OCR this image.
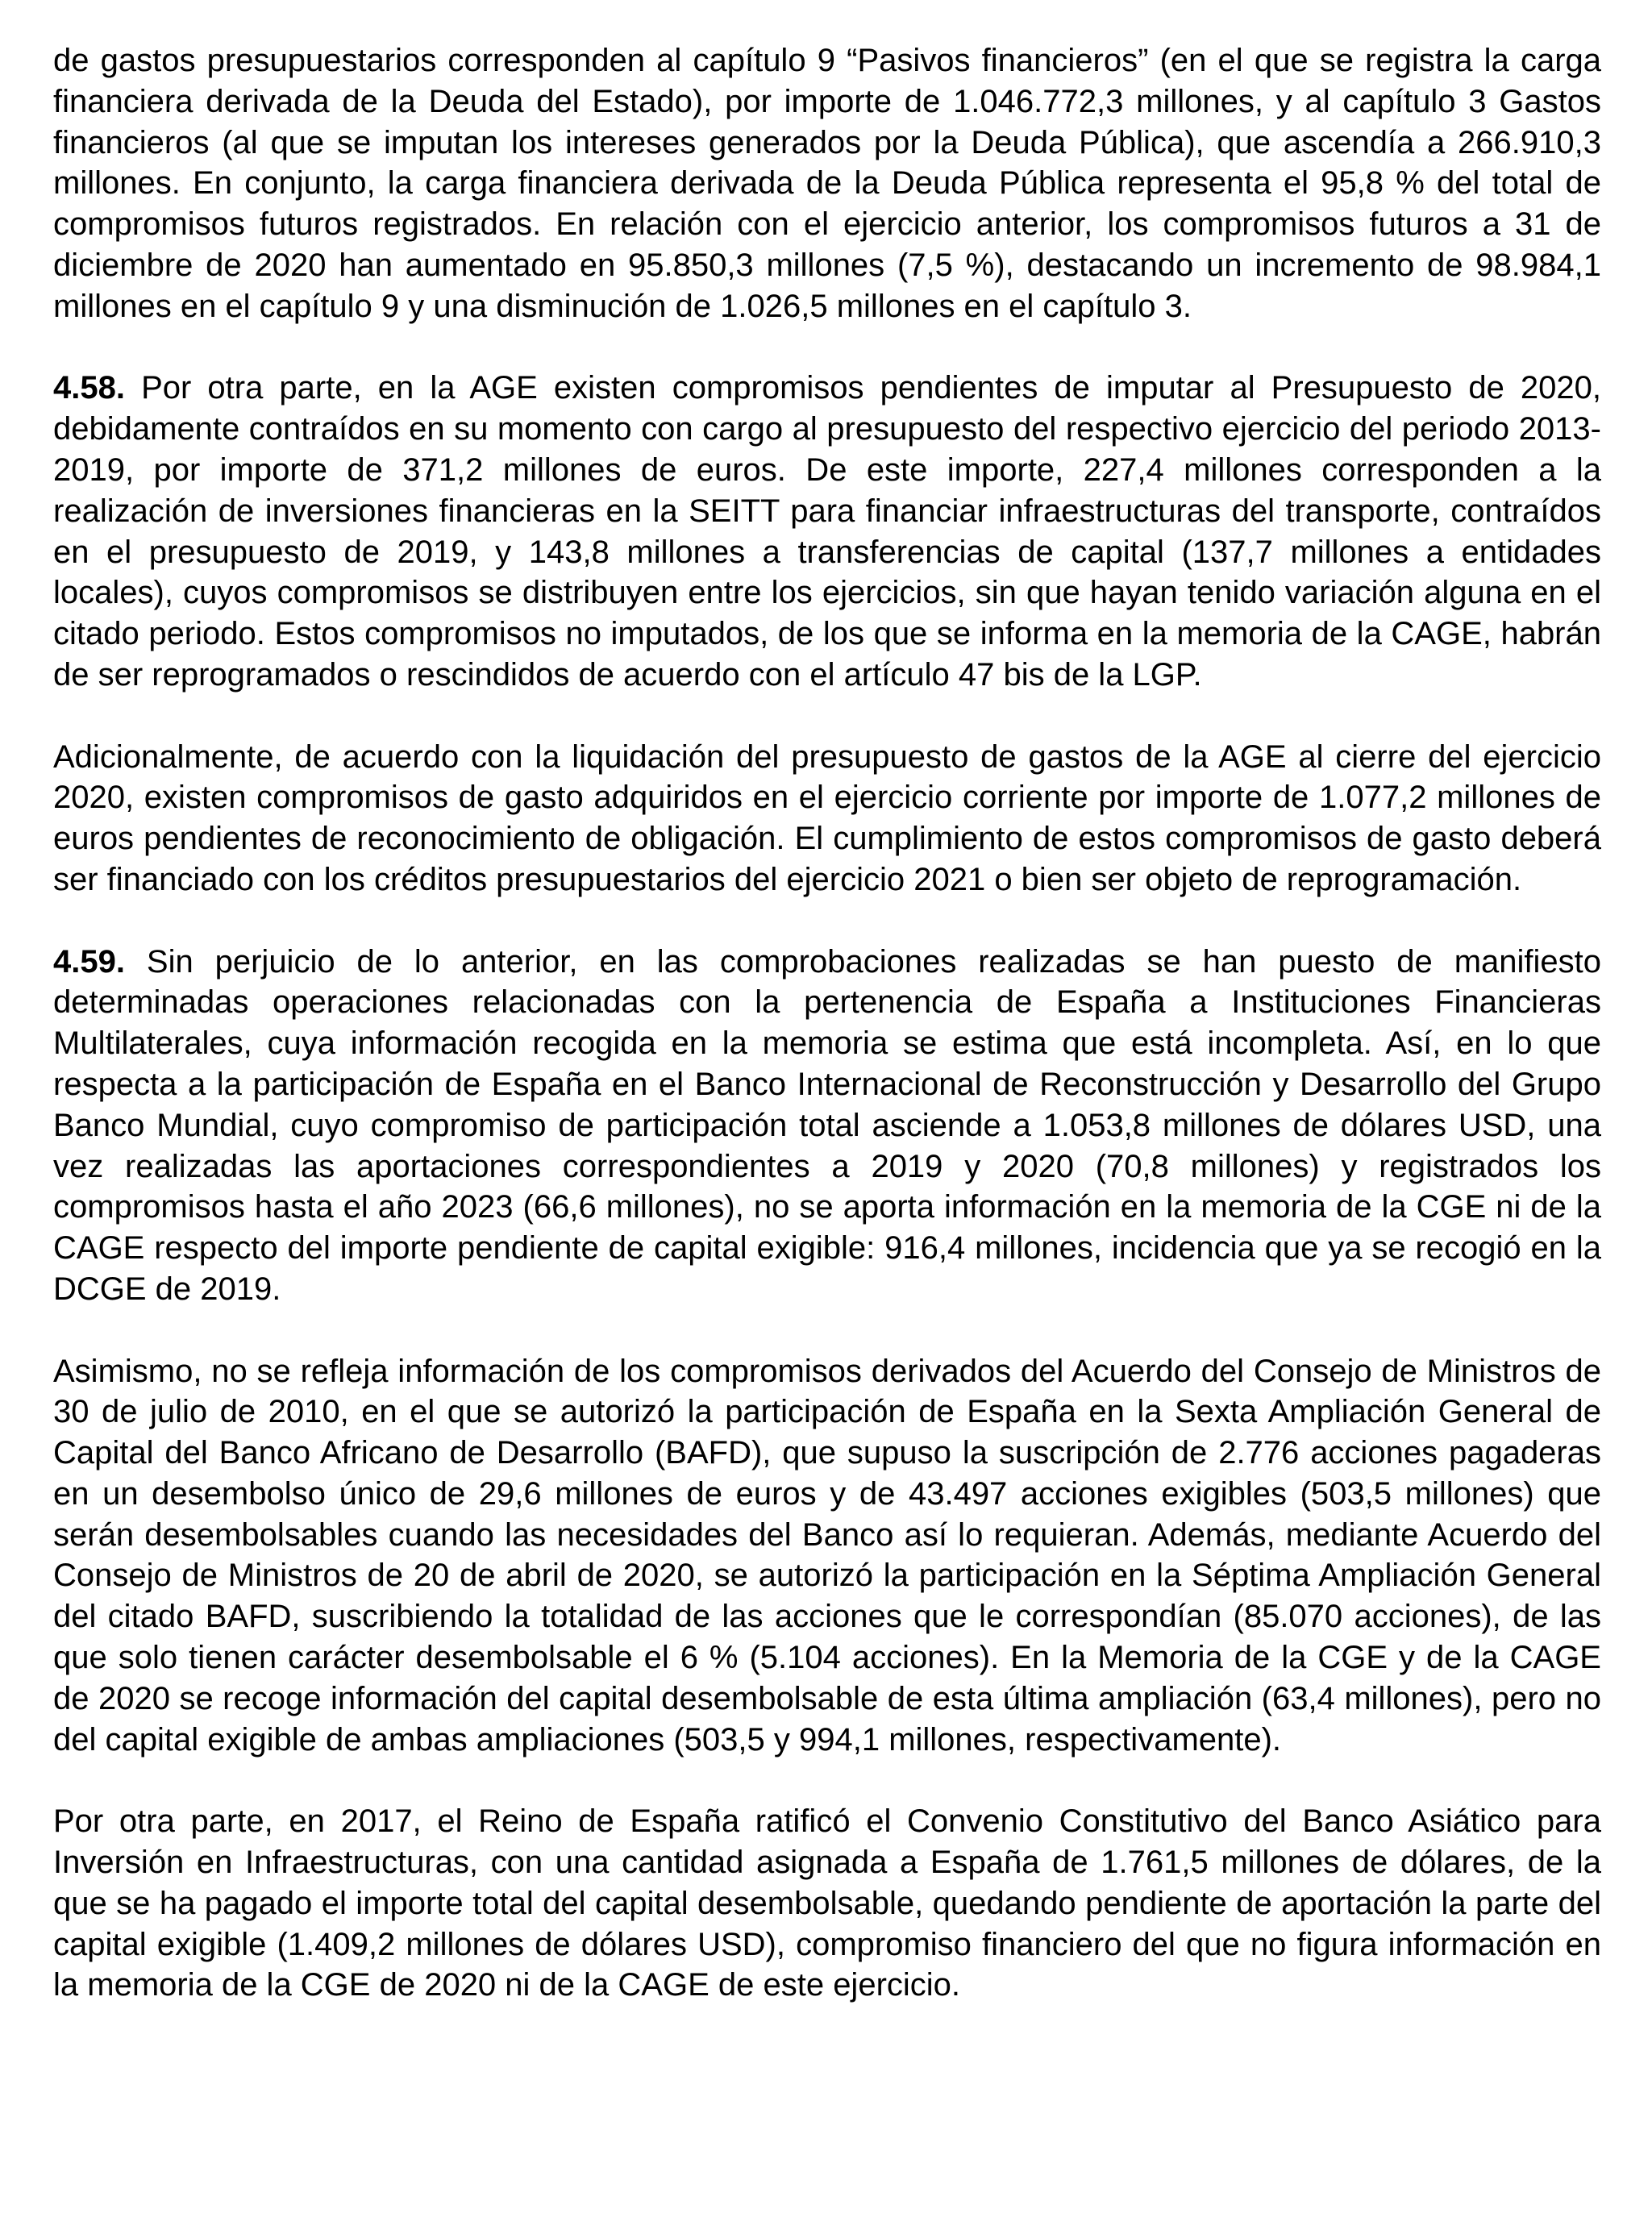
de gastos presupuestarios corresponden al capítulo 9 “Pasivos financieros” (en el que se registra la carga financiera derivada de la Deuda del Estado), por importe de 1.046.772,3 millones, y al capítulo 3 Gastos financieros (al que se imputan los intereses generados por la Deuda Pública), que ascendía a 266.910,3 millones. En conjunto, la carga financiera derivada de la Deuda Pública representa el 95,8 % del total de compromisos futuros registrados. En relación con el ejercicio anterior, los compromisos futuros a 31 de diciembre de 2020 han aumentado en 95.850,3 millones (7,5 %), destacando un incremento de 98.984,1 millones en el capítulo 9 y una disminución de 1.026,5 millones en el capítulo 3.

4.58. Por otra parte, en la AGE existen compromisos pendientes de imputar al Presupuesto de 2020, debidamente contraídos en su momento con cargo al presupuesto del respectivo ejercicio del periodo 2013-2019, por importe de 371,2 millones de euros. De este importe, 227,4 millones corresponden a la realización de inversiones financieras en la SEITT para financiar infraestructuras del transporte, contraídos en el presupuesto de 2019, y 143,8 millones a transferencias de capital (137,7 millones a entidades locales), cuyos compromisos se distribuyen entre los ejercicios, sin que hayan tenido variación alguna en el citado periodo. Estos compromisos no imputados, de los que se informa en la memoria de la CAGE, habrán de ser reprogramados o rescindidos de acuerdo con el artículo 47 bis de la LGP.

Adicionalmente, de acuerdo con la liquidación del presupuesto de gastos de la AGE al cierre del ejercicio 2020, existen compromisos de gasto adquiridos en el ejercicio corriente por importe de 1.077,2 millones de euros pendientes de reconocimiento de obligación. El cumplimiento de estos compromisos de gasto deberá ser financiado con los créditos presupuestarios del ejercicio 2021 o bien ser objeto de reprogramación.

4.59. Sin perjuicio de lo anterior, en las comprobaciones realizadas se han puesto de manifiesto determinadas operaciones relacionadas con la pertenencia de España a Instituciones Financieras Multilaterales, cuya información recogida en la memoria se estima que está incompleta. Así, en lo que respecta a la participación de España en el Banco Internacional de Reconstrucción y Desarrollo del Grupo Banco Mundial, cuyo compromiso de participación total asciende a 1.053,8 millones de dólares USD, una vez realizadas las aportaciones correspondientes a 2019 y 2020 (70,8 millones) y registrados los compromisos hasta el año 2023 (66,6 millones), no se aporta información en la memoria de la CGE ni de la CAGE respecto del importe pendiente de capital exigible: 916,4 millones, incidencia que ya se recogió en la DCGE de 2019.

Asimismo, no se refleja información de los compromisos derivados del Acuerdo del Consejo de Ministros de 30 de julio de 2010, en el que se autorizó la participación de España en la Sexta Ampliación General de Capital del Banco Africano de Desarrollo (BAFD), que supuso la suscripción de 2.776 acciones pagaderas en un desembolso único de 29,6 millones de euros y de 43.497 acciones exigibles (503,5 millones) que serán desembolsables cuando las necesidades del Banco así lo requieran. Además, mediante Acuerdo del Consejo de Ministros de 20 de abril de 2020, se autorizó la participación en la Séptima Ampliación General del citado BAFD, suscribiendo la totalidad de las acciones que le correspondían (85.070 acciones), de las que solo tienen carácter desembolsable el 6 % (5.104 acciones). En la Memoria de la CGE y de la CAGE de 2020 se recoge información del capital desembolsable de esta última ampliación (63,4 millones), pero no del capital exigible de ambas ampliaciones (503,5 y 994,1 millones, respectivamente).

Por otra parte, en 2017, el Reino de España ratificó el Convenio Constitutivo del Banco Asiático para Inversión en Infraestructuras, con una cantidad asignada a España de 1.761,5 millones de dólares, de la que se ha pagado el importe total del capital desembolsable, quedando pendiente de aportación la parte del capital exigible (1.409,2 millones de dólares USD), compromiso financiero del que no figura información en la memoria de la CGE de 2020 ni de la CAGE de este ejercicio.
